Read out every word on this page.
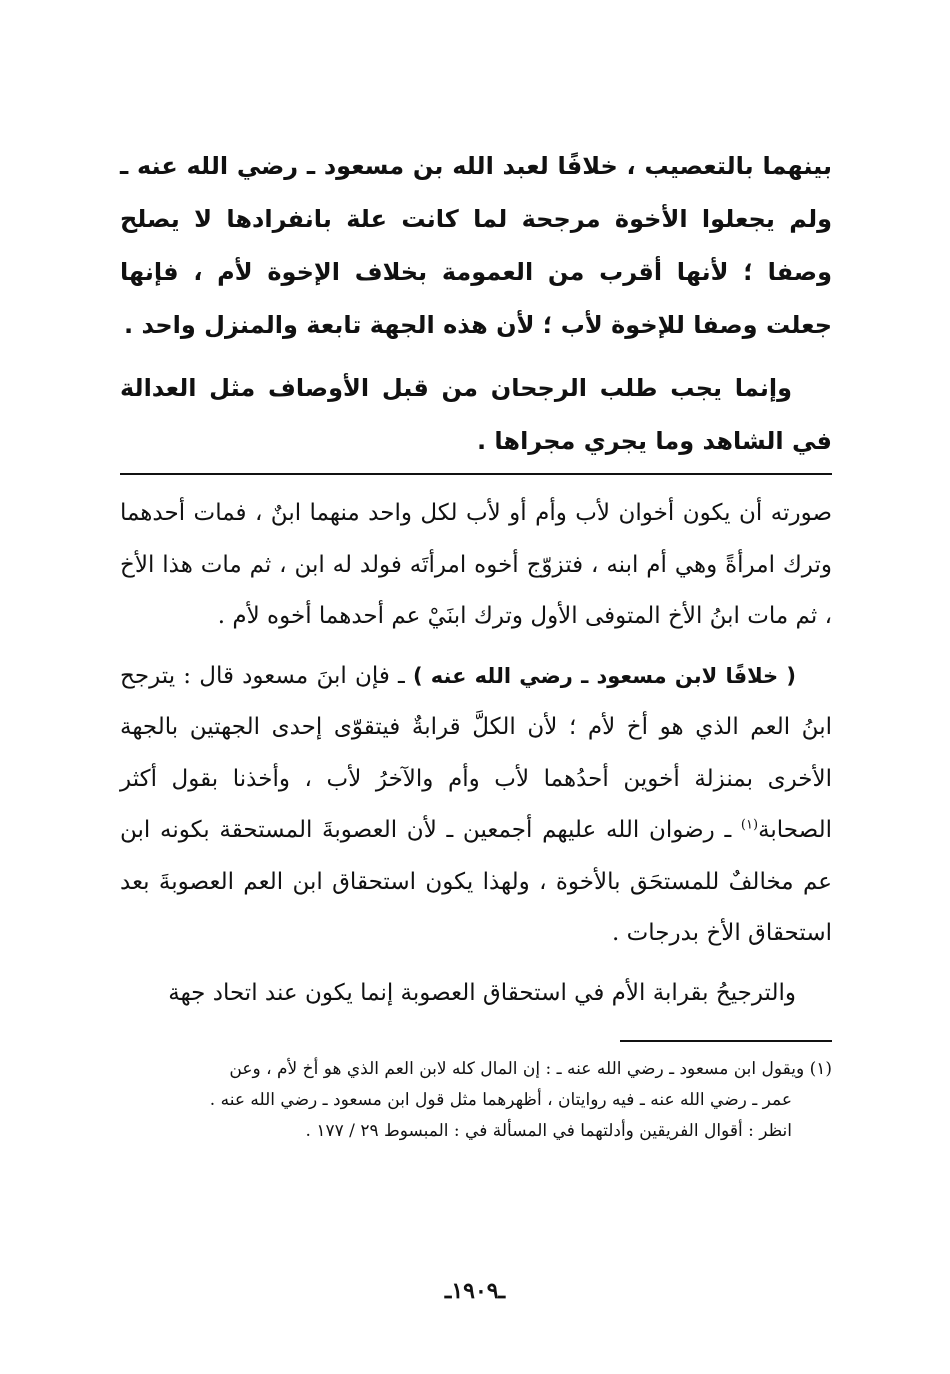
بينهما بالتعصيب ، خلافًا لعبد الله بن مسعود ـ رضي الله عنه ـ ولم يجعلوا الأخوة مرجحة لما كانت علة بانفرادها لا يصلح وصفا ؛ لأنها أقرب من العمومة بخلاف الإخوة لأم ، فإنها جعلت وصفا للإخوة لأب ؛ لأن هذه الجهة تابعة والمنزل واحد .

وإنما يجب طلب الرجحان من قبل الأوصاف مثل العدالة في الشاهد وما يجري مجراها .

صورته أن يكون أخوان لأب وأم أو لأب لكل واحد منهما ابنٌ ، فمات أحدهما وترك امرأةً وهي أم ابنه ، فتزوّج أخوه امرأتَه فولد له ابن ، ثم مات هذا الأخ ، ثم مات ابنُ الأخ المتوفى الأول وترك ابنَيْ عم أحدهما أخوه لأم .

( خلافًا لابن مسعود ـ رضي الله عنه ) ـ فإن ابنَ مسعود قال : يترجح ابنُ العم الذي هو أخ لأم ؛ لأن الكلَّ قرابةٌ فيتقوّى إحدى الجهتين بالجهة الأخرى بمنزلة أخوين أحدُهما لأب وأم والآخرُ لأب ، وأخذنا بقول أكثر الصحابة$^{(١)}$ ـ رضوان الله عليهم أجمعين ـ لأن العصوبةَ المستحقة بكونه ابن عم مخالفٌ للمستحَق بالأخوة ، ولهذا يكون استحقاق ابن العم العصوبةَ بعد استحقاق الأخ بدرجات .

والترجيحُ بقرابة الأم في استحقاق العصوبة إنما يكون عند اتحاد جهة

(١) ويقول ابن مسعود ـ رضي الله عنه ـ : إن المال كله لابن العم الذي هو أخ لأم ، وعن
عمر ـ رضي الله عنه ـ فيه روايتان ، أظهرهما مثل قول ابن مسعود ـ رضي الله عنه .
انظر : أقوال الفريقين وأدلتهما في المسألة في : المبسوط ٢٩ / ١٧٧ .
ـ١٩٠٩ـ
